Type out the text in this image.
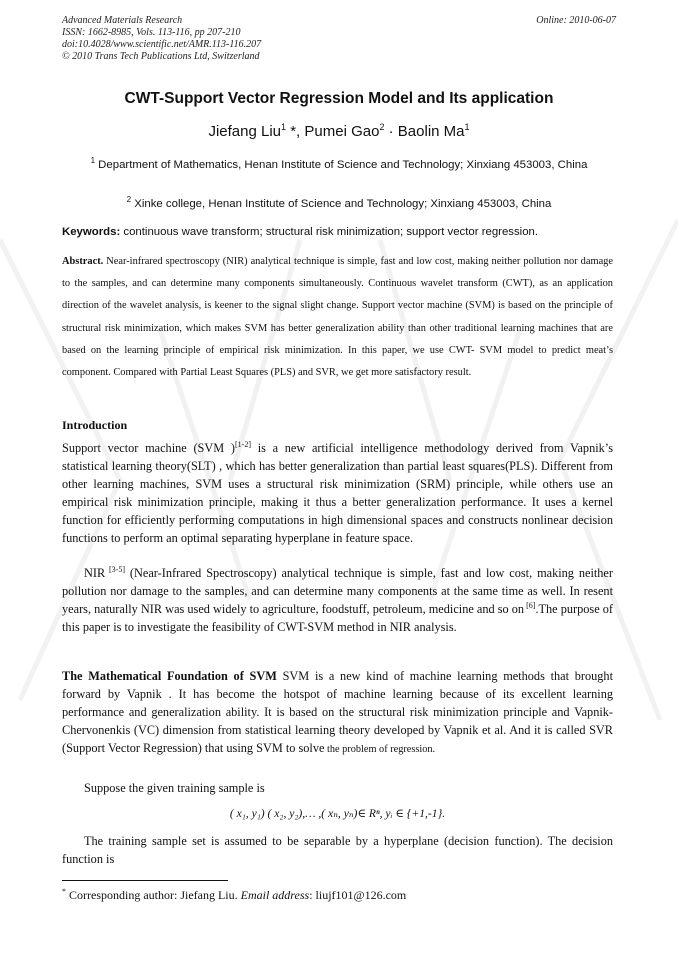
Advanced Materials Research
ISSN: 1662-8985, Vols. 113-116, pp 207-210
doi:10.4028/www.scientific.net/AMR.113-116.207
© 2010 Trans Tech Publications Ltd, Switzerland
Online: 2010-06-07
CWT-Support Vector Regression Model and Its application
Jiefang Liu$^1$ *, Pumei Gao$^2$ · Baolin Ma$^1$
$^1$ Department of Mathematics, Henan Institute of Science and Technology; Xinxiang 453003, China
$^2$ Xinke college, Henan Institute of Science and Technology; Xinxiang 453003, China
Keywords: continuous wave transform; structural risk minimization; support vector regression.
Abstract. Near-infrared spectroscopy (NIR) analytical technique is simple, fast and low cost, making neither pollution nor damage to the samples, and can determine many components simultaneously. Continuous wavelet transform (CWT), as an application direction of the wavelet analysis, is keener to the signal slight change. Support vector machine (SVM) is based on the principle of structural risk minimization, which makes SVM has better generalization ability than other traditional learning machines that are based on the learning principle of empirical risk minimization. In this paper, we use CWT- SVM model to predict meat’s component. Compared with Partial Least Squares (PLS) and SVR, we get more satisfactory result.
Introduction
Support vector machine (SVM )[1-2] is a new artificial intelligence methodology derived from Vapnik’s statistical learning theory(SLT) , which has better generalization than partial least squares(PLS). Different from other learning machines, SVM uses a structural risk minimization (SRM) principle, while others use an empirical risk minimization principle, making it thus a better generalization performance. It uses a kernel function for efficiently performing computations in high dimensional spaces and constructs nonlinear decision functions to perform an optimal separating hyperplane in feature space.
NIR [3-5] (Near-Infrared Spectroscopy) analytical technique is simple, fast and low cost, making neither pollution nor damage to the samples, and can determine many components at the same time as well. In resent years, naturally NIR was used widely to agriculture, foodstuff, petroleum, medicine and so on [6].The purpose of this paper is to investigate the feasibility of CWT-SVM method in NIR analysis.
The Mathematical Foundation of SVM SVM is a new kind of machine learning methods that brought forward by Vapnik . It has become the hotspot of machine learning because of its excellent learning performance and generalization ability. It is based on the structural risk minimization principle and Vapnik-Chervonenkis (VC) dimension from statistical learning theory developed by Vapnik et al. And it is called SVR (Support Vector Regression) that using SVM to solve the problem of regression.
Suppose the given training sample is
( x₁, y₁) ( x₂, y₂),… ,( xₙ, yₙ)∈ Rⁿ, yᵢ ∈ {+1,-1}.
The training sample set is assumed to be separable by a hyperplane (decision function). The decision function is
* Corresponding author: Jiefang Liu. Email address: liujf101@126.com
